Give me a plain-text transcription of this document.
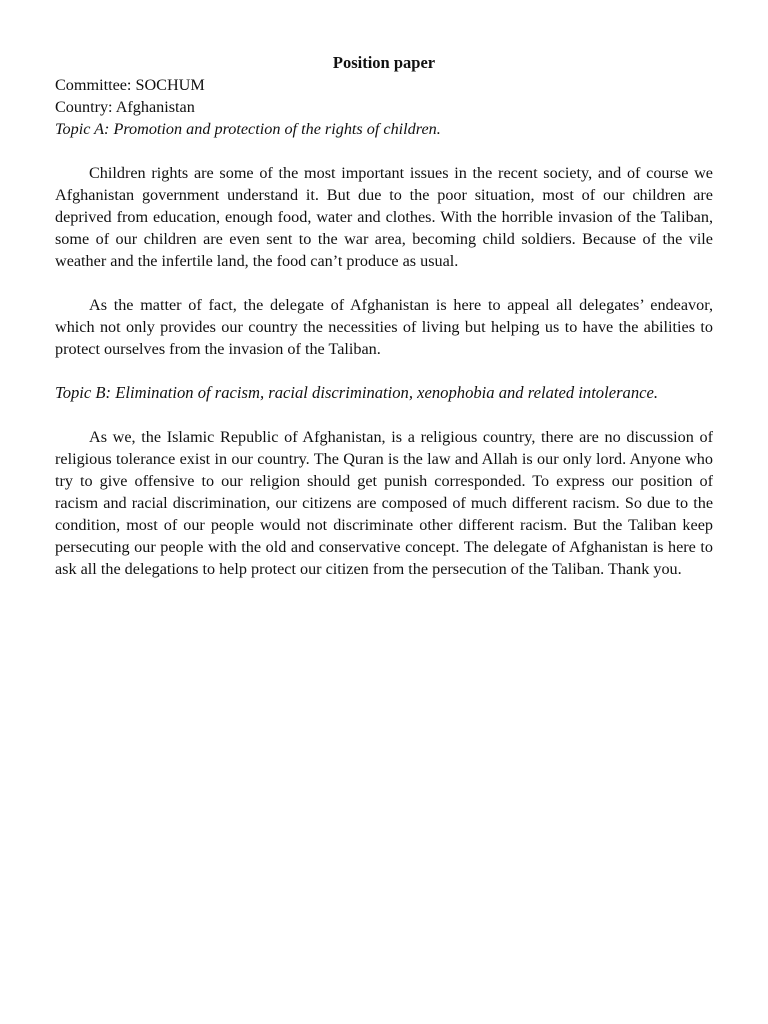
Position paper

Committee: SOCHUM

Country: Afghanistan

Topic A: Promotion and protection of the rights of children.

Children rights are some of the most important issues in the recent society, and of course we Afghanistan government understand it. But due to the poor situation, most of our children are deprived from education, enough food, water and clothes. With the horrible invasion of the Taliban, some of our children are even sent to the war area, becoming child soldiers. Because of the vile weather and the infertile land, the food can’t produce as usual.

As the matter of fact, the delegate of Afghanistan is here to appeal all delegates’ endeavor, which not only provides our country the necessities of living but helping us to have the abilities to protect ourselves from the invasion of the Taliban.

Topic B: Elimination of racism, racial discrimination, xenophobia and related intolerance.

As we, the Islamic Republic of Afghanistan, is a religious country, there are no discussion of religious tolerance exist in our country. The Quran is the law and Allah is our only lord. Anyone who try to give offensive to our religion should get punish corresponded. To express our position of racism and racial discrimination, our citizens are composed of much different racism. So due to the condition, most of our people would not discriminate other different racism. But the Taliban keep persecuting our people with the old and conservative concept. The delegate of Afghanistan is here to ask all the delegations to help protect our citizen from the persecution of the Taliban. Thank you.
